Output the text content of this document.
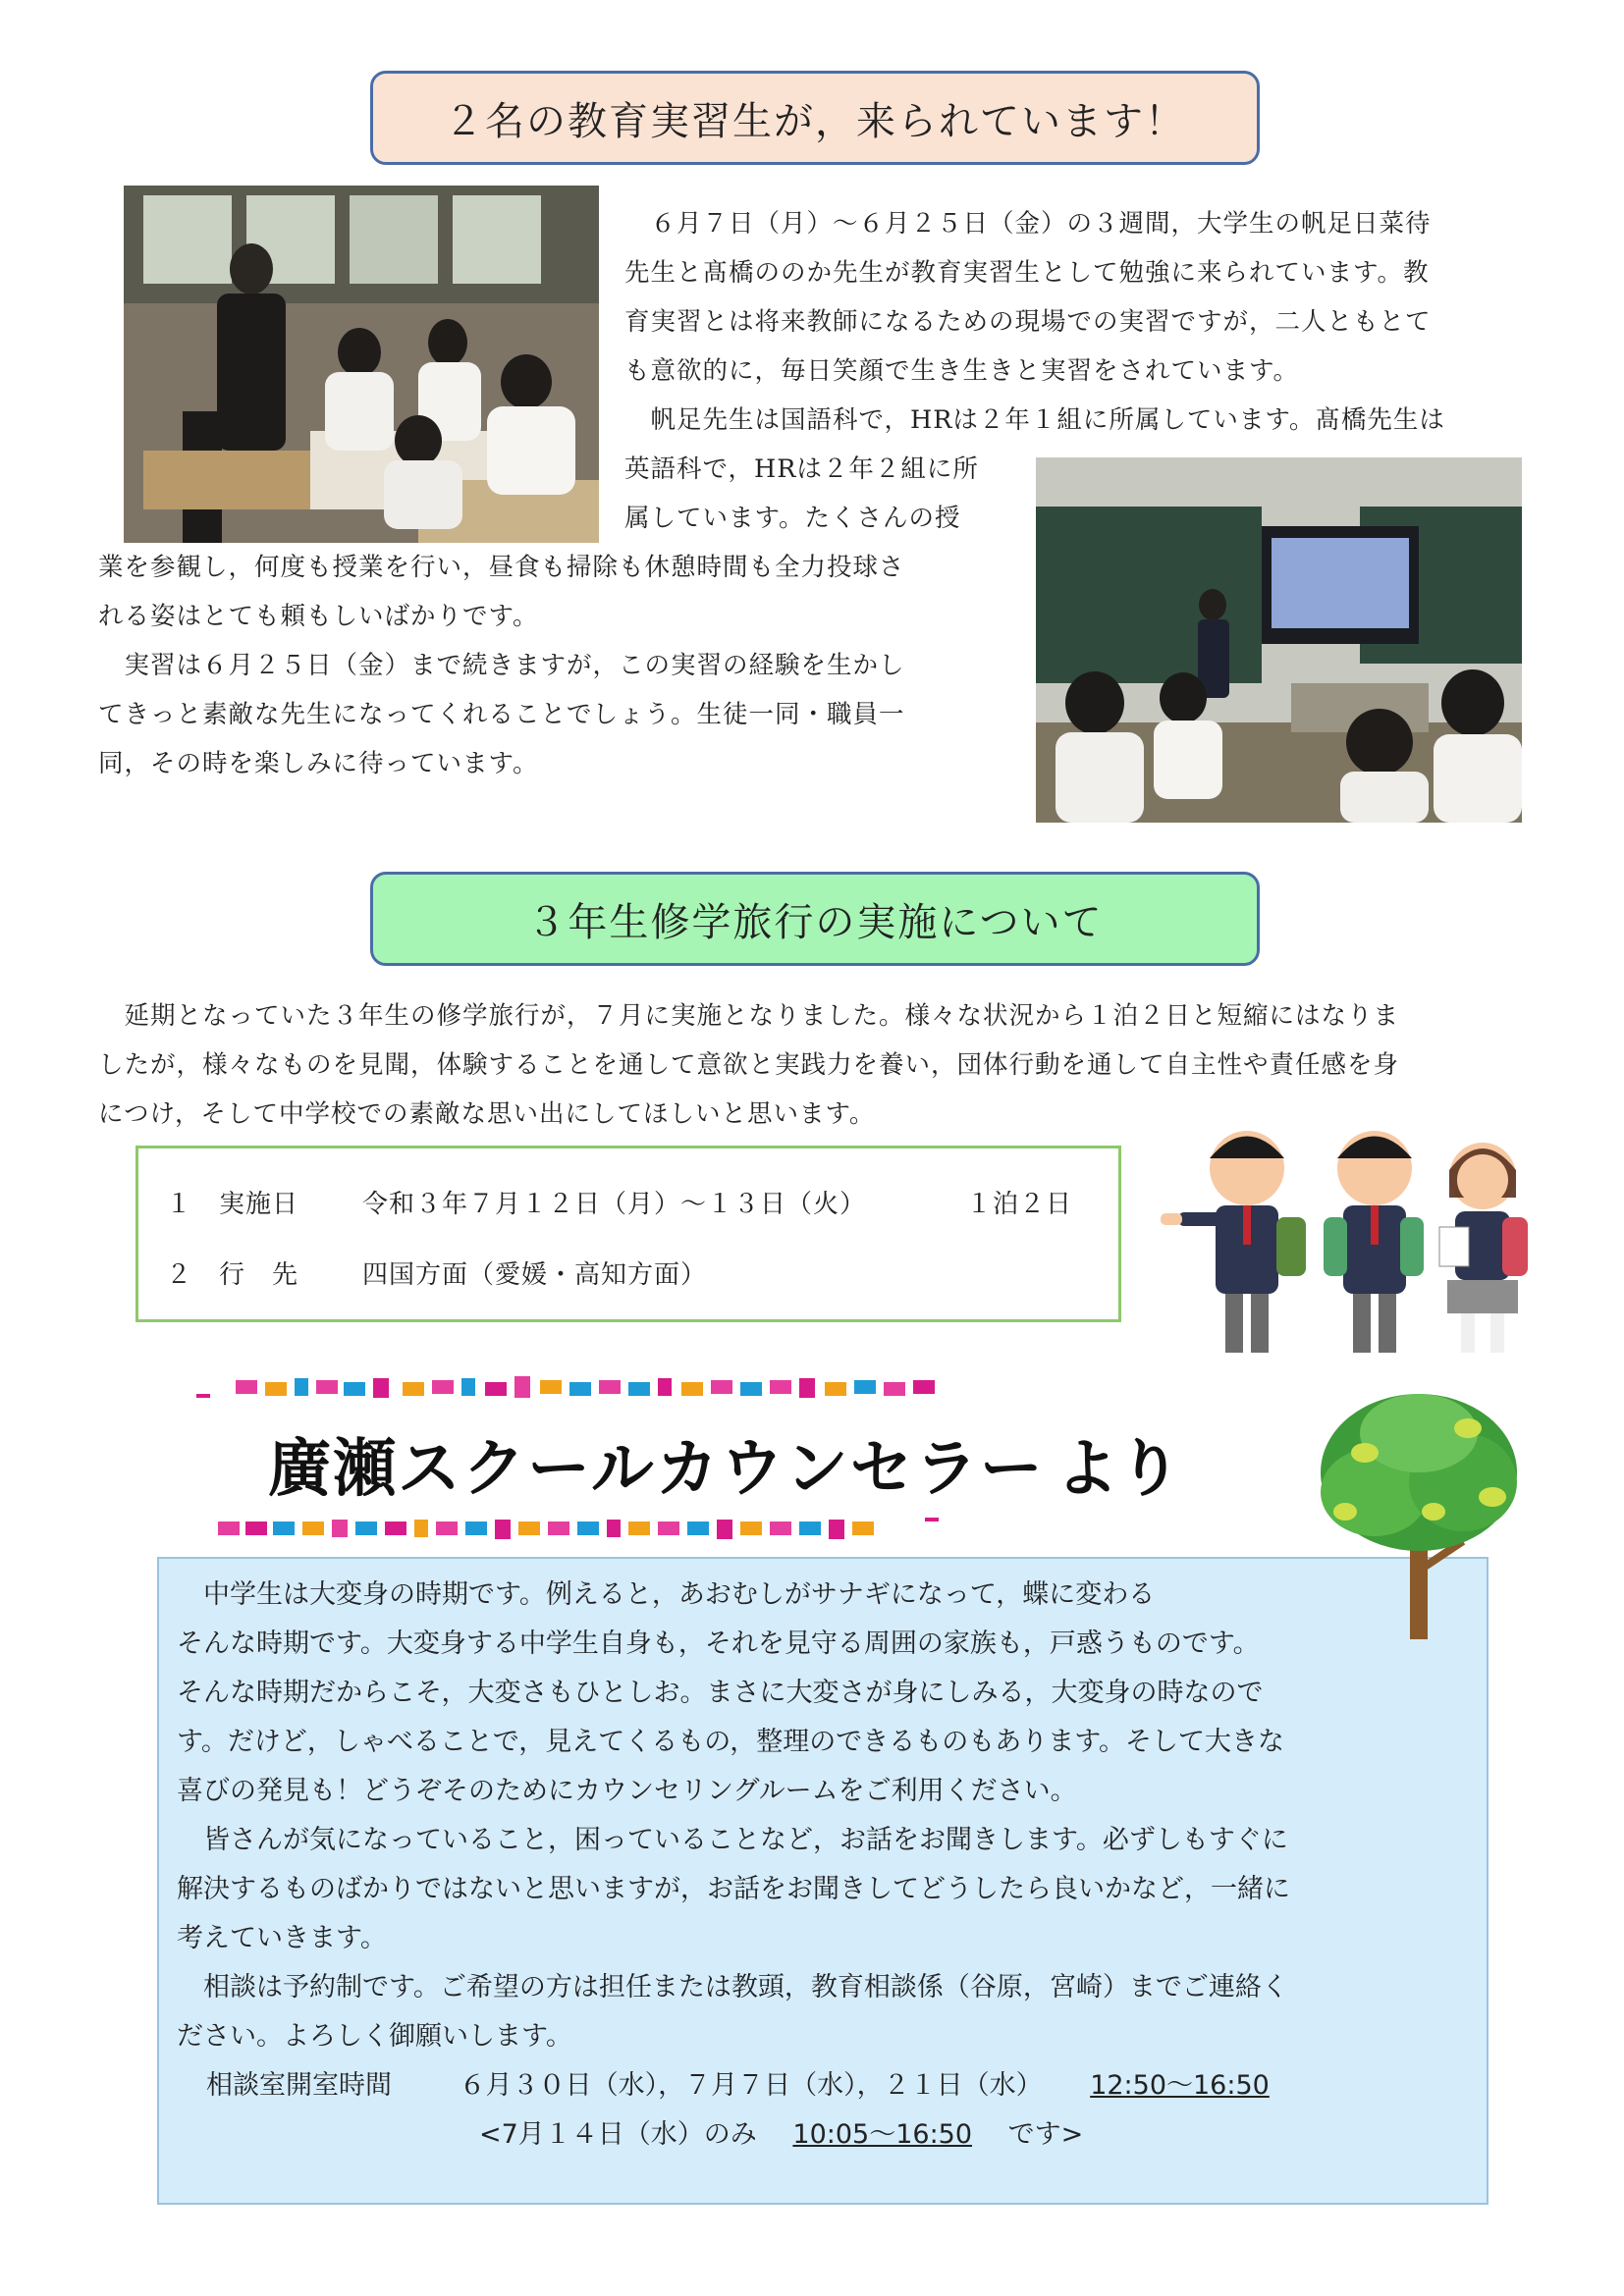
２名の教育実習生が，来られています！

　６月７日（月）〜６月２５日（金）の３週間，大学生の帆足日菜待

先生と髙橋ののか先生が教育実習生として勉強に来られています。教

育実習とは将来教師になるための現場での実習ですが，二人ともとて

も意欲的に，毎日笑顔で生き生きと実習をされています。

　帆足先生は国語科で，HRは２年１組に所属しています。髙橋先生は

英語科で，HRは２年２組に所

属しています。たくさんの授

業を参観し，何度も授業を行い，昼食も掃除も休憩時間も全力投球さ

れる姿はとても頼もしいばかりです。

　実習は６月２５日（金）まで続きますが，この実習の経験を生かし

てきっと素敵な先生になってくれることでしょう。生徒一同・職員一

同，その時を楽しみに待っています。

３年生修学旅行の実施について

　延期となっていた３年生の修学旅行が，７月に実施となりました。様々な状況から１泊２日と短縮にはなりま

したが，様々なものを見聞，体験することを通して意欲と実践力を養い，団体行動を通して自主性や責任感を身

につけ，そして中学校での素敵な思い出にしてほしいと思います。

１ 実施日 令和３年７月１２日（月）〜１３日（火）	１泊２日
２ 行　先 四国方面（愛媛・高知方面）
廣瀬スクールカウンセラー より

　中学生は大変身の時期です。例えると，あおむしがサナギになって，蝶に変わる

そんな時期です。大変身する中学生自身も，それを見守る周囲の家族も，戸惑うものです。

そんな時期だからこそ，大変さもひとしお。まさに大変さが身にしみる，大変身の時なので

す。だけど，しゃべることで，見えてくるもの，整理のできるものもあります。そして大きな

喜びの発見も！どうぞそのためにカウンセリングルームをご利用ください。

　皆さんが気になっていること，困っていることなど，お話をお聞きします。必ずしもすぐに

解決するものばかりではないと思いますが，お話をお聞きしてどうしたら良いかなど，一緒に

考えていきます。

　相談は予約制です。ご希望の方は担任または教頭，教育相談係（谷原，宮崎）までご連絡く

ださい。よろしく御願いします。

相談室開室時間	６月３０日（水），７月７日（水），２１日（水） 12:50〜16:50
<7月１４日（水）のみ 10:05〜16:50 です>
